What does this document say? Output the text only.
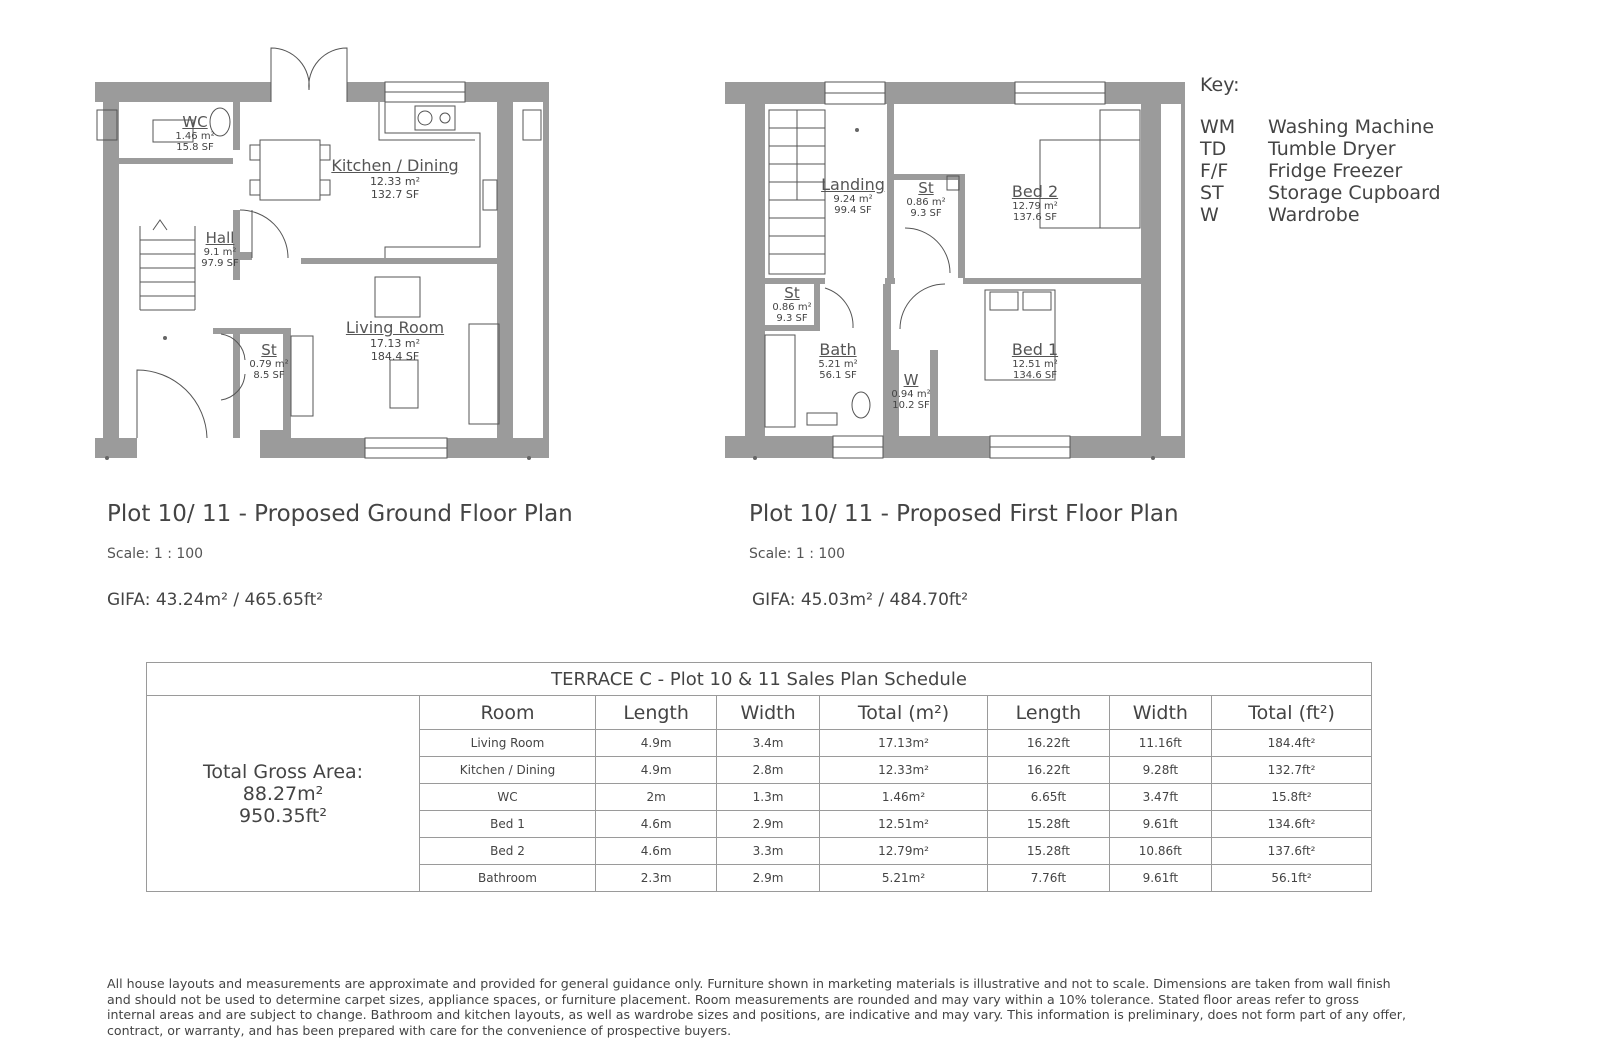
WC
1.46 m²
15.8 SF
Kitchen / Dining
12.33 m²
132.7 SF
Hall
9.1 m²
97.9 SF
Living Room
17.13 m²
184.4 SF
St
0.79 m²
8.5 SF
Landing
9.24 m²
99.4 SF
St
0.86 m²
9.3 SF
Bed 2
12.79 m²
137.6 SF
St
0.86 m²
9.3 SF
Bath
5.21 m²
56.1 SF
Bed 1
12.51 m²
134.6 SF
W
0.94 m²
10.2 SF
Plot 10/ 11 - Proposed Ground Floor Plan
Scale: 1 : 100
GIFA: 43.24m² / 465.65ft²
Plot 10/ 11 - Proposed First Floor Plan
Scale: 1 : 100
GIFA: 45.03m² / 484.70ft²
Key:
WM Washing Machine
TD Tumble Dryer
F/F Fridge Freezer
ST Storage Cupboard
W	Wardrobe
TERRACE C - Plot 10 & 11 Sales Plan Schedule							

Total Gross Area:
88.27m²
950.35ft²	Room	Length	Width	Total (m²)	Length	Width	Total (ft²)
	Living Room	4.9m	3.4m	17.13m²	16.22ft	11.16ft	184.4ft²
	Kitchen / Dining	4.9m	2.8m	12.33m²	16.22ft	9.28ft	132.7ft²
	WC	2m	1.3m	1.46m²	6.65ft	3.47ft	15.8ft²
	Bed 1	4.6m	2.9m	12.51m²	15.28ft	9.61ft	134.6ft²
	Bed 2	4.6m	3.3m	12.79m²	15.28ft	10.86ft	137.6ft²
	Bathroom	2.3m	2.9m	5.21m²	7.76ft	9.61ft	56.1ft²
All house layouts and measurements are approximate and provided for general guidance only. Furniture shown in marketing materials is illustrative and not to scale. Dimensions are taken from wall finish and should not be used to determine carpet sizes, appliance spaces, or furniture placement. Room measurements are rounded and may vary within a 10% tolerance. Stated floor areas refer to gross internal areas and are subject to change. Bathroom and kitchen layouts, as well as wardrobe sizes and positions, are indicative and may vary. This information is preliminary, does not form part of any offer, contract, or warranty, and has been prepared with care for the convenience of prospective buyers.
